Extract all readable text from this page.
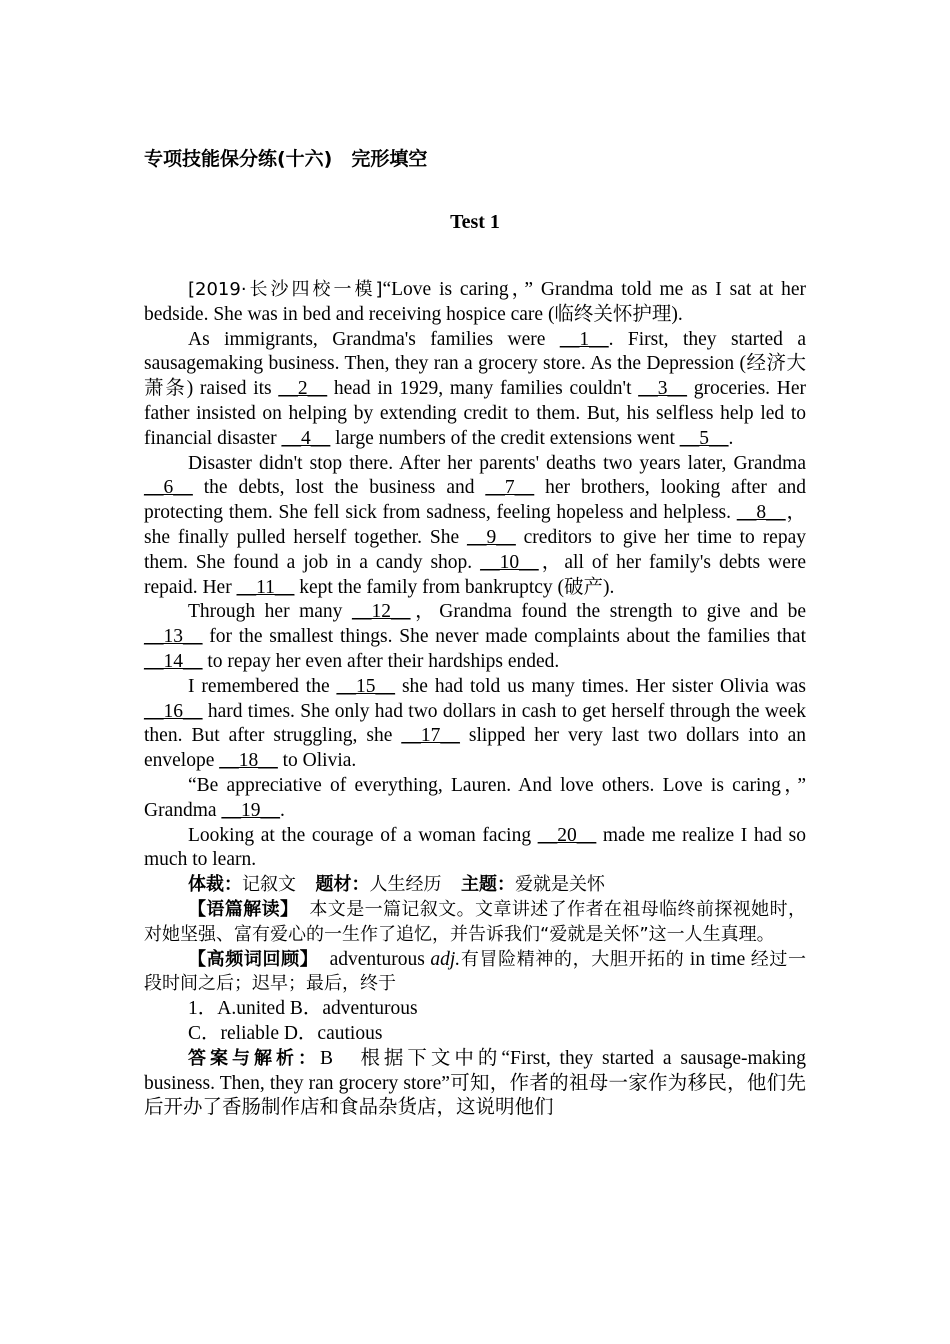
专项技能保分练(十六)　完形填空
Test 1

[2019·长沙四校一模]“Love is caring，” Grandma told me as I sat at her bedside. She was in bed and receiving hospice care (临终关怀护理).

As immigrants, Grandma's families were __1__. First, they started a sausagemaking business. Then, they ran a grocery store. As the Depression (经济大萧条) raised its __2__ head in 1929, many families couldn't __3__ groceries. Her father insisted on helping by extending credit to them. But, his selfless help led to financial disaster __4__ large numbers of the credit extensions went __5__.

Disaster didn't stop there. After her parents' deaths two years later, Grandma __6__ the debts, lost the business and __7__ her brothers, looking after and protecting them. She fell sick from sadness, feeling hopeless and helpless. __8__，she finally pulled herself together. She __9__ creditors to give her time to repay them. She found a job in a candy shop. __10__，all of her family's debts were repaid. Her __11__ kept the family from bankruptcy (破产).

Through her many __12__，Grandma found the strength to give and be __13__ for the smallest things. She never made complaints about the families that __14__ to repay her even after their hardships ended.

I remembered the __15__ she had told us many times. Her sister Olivia was __16__ hard times. She only had two dollars in cash to get herself through the week then. But after struggling, she __17__ slipped her very last two dollars into an envelope __18__ to Olivia.

“Be appreciative of everything, Lauren. And love others. Love is caring，” Grandma __19__.

Looking at the courage of a woman facing __20__ made me realize I had so much to learn.

体裁：记叙文　 题材：人生经历　 主题：爱就是关怀

【语篇解读】　 本文是一篇记叙文。文章讲述了作者在祖母临终前探视她时，对她坚强、富有爱心的一生作了追忆，并告诉我们“爱就是关怀”这一人生真理。

【高频词回顾】　 adventurous adj.有冒险精神的，大胆开拓的 in time 经过一段时间之后；迟早；最后，终于

1．A.united B．adventurous

C．reliable D．cautious

答案与解析：B　根据下文中的“First, they started a sausage-making business. Then, they ran grocery store”可知，作者的祖母一家作为移民，他们先后开办了香肠制作店和食品杂货店，这说明他们
